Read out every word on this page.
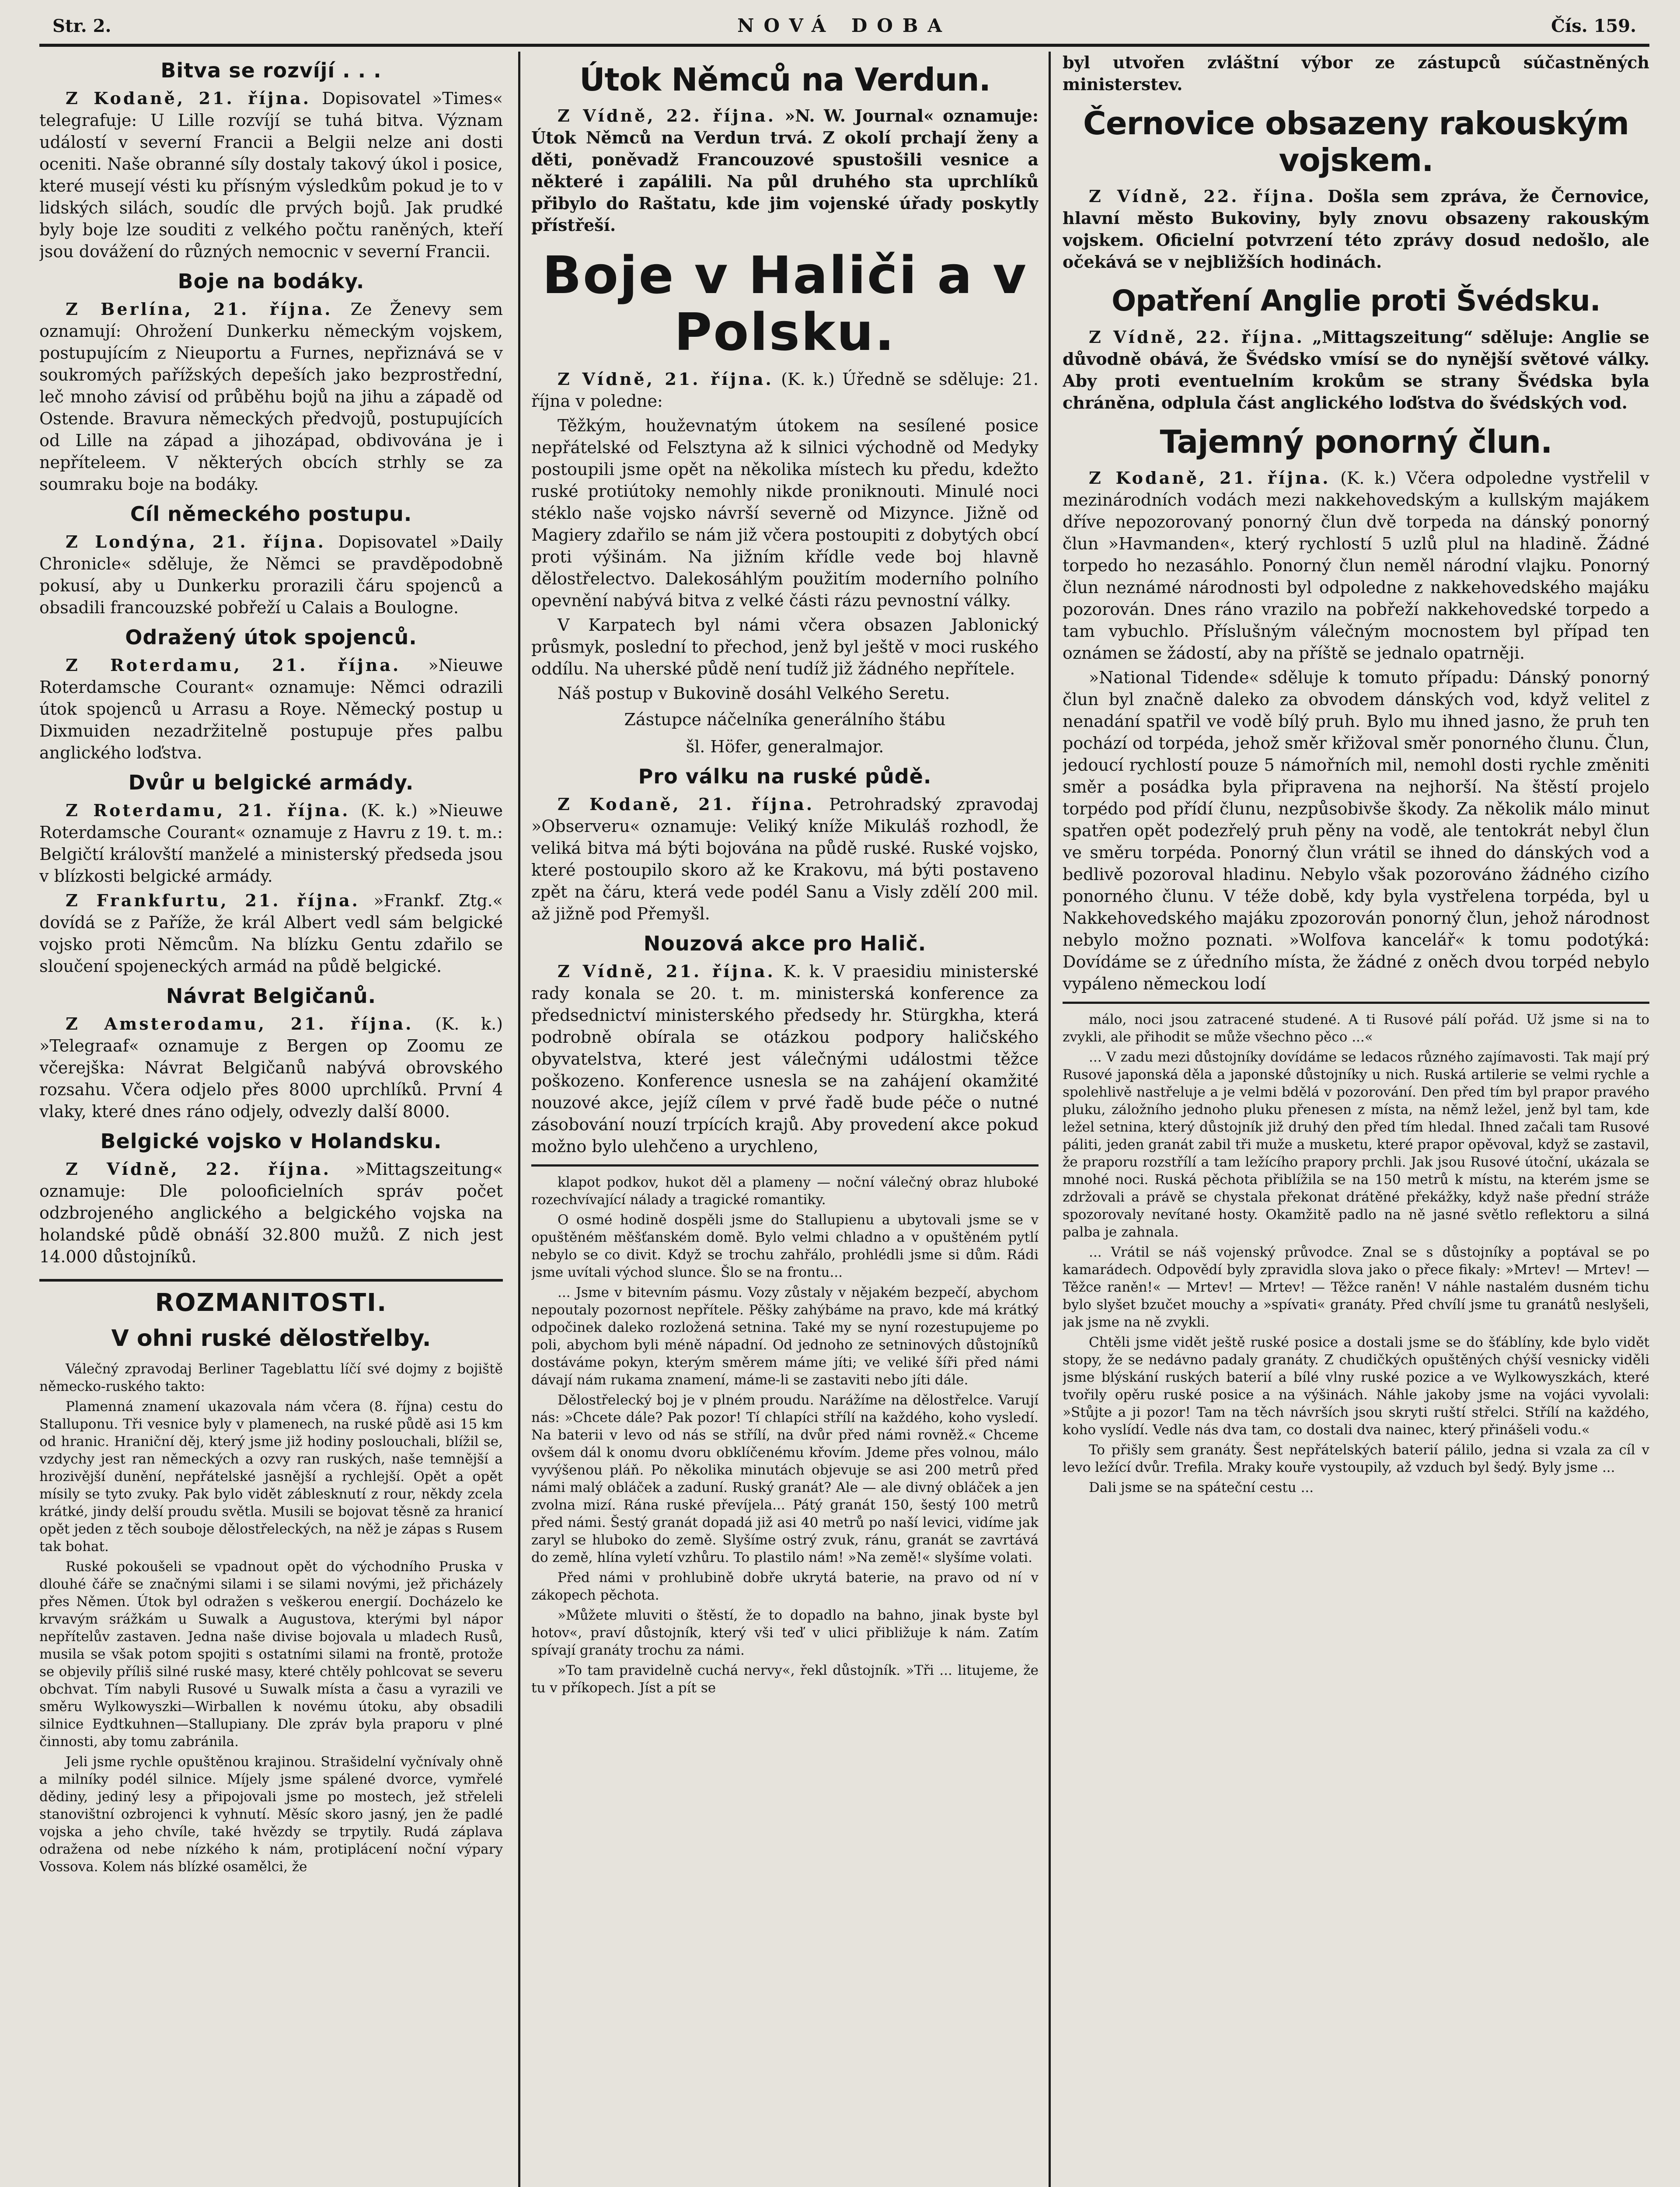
Str. 2.	NOVÁ DOBA	Čís. 159.
Bitva se rozvíjí . . .

Z Kodaně, 21. října. Dopisovatel »Times« telegrafuje: U Lille rozvíjí se tuhá bitva. Význam událostí v severní Francii a Belgii nelze ani dosti oceniti. Naše obranné síly dostaly takový úkol i posice, které musejí vésti ku přísným výsledkům pokud je to v lidských silách, soudíc dle prvých bojů. Jak prudké byly boje lze souditi z velkého počtu raněných, kteří jsou dovážení do různých nemocnic v severní Francii.

Boje na bodáky.

Z Berlína, 21. října. Ze Ženevy sem oznamují: Ohrožení Dunkerku německým vojskem, postupujícím z Nieuportu a Furnes, nepřiznává se v soukromých pařížských depeších jako bezprostřední, leč mnoho závisí od průběhu bojů na jihu a západě od Ostende. Bravura německých předvojů, postupujících od Lille na západ a jihozápad, obdivována je i nepříteleem. V některých obcích strhly se za soumraku boje na bodáky.

Cíl německého postupu.

Z Londýna, 21. října. Dopisovatel »Daily Chronicle« sděluje, že Němci se pravděpodobně pokusí, aby u Dunkerku prorazili čáru spojenců a obsadili francouzské pobřeží u Calais a Boulogne.

Odražený útok spojenců.

Z Roterdamu, 21. října. »Nieuwe Roterdamsche Courant« oznamuje: Němci odrazili útok spojenců u Arrasu a Roye. Německý postup u Dixmuiden nezadržitelně postupuje přes palbu anglického loďstva.

Dvůr u belgické armády.

Z Roterdamu, 21. října. (K. k.) »Nieuwe Roterdamsche Courant« oznamuje z Havru z 19. t. m.: Belgičtí královští manželé a ministerský předseda jsou v blízkosti belgické armády.

Z Frankfurtu, 21. října. »Frankf. Ztg.« dovídá se z Paříže, že král Albert vedl sám belgické vojsko proti Němcům. Na blízku Gentu zdařilo se sloučení spojeneckých armád na půdě belgické.

Návrat Belgičanů.

Z Amsterodamu, 21. října. (K. k.) »Telegraaf« oznamuje z Bergen op Zoomu ze včerejška: Návrat Belgičanů nabývá obrovského rozsahu. Včera odjelo přes 8000 uprchlíků. První 4 vlaky, které dnes ráno odjely, odvezly další 8000.

Belgické vojsko v Holandsku.

Z Vídně, 22. října. »Mittagszeitung« oznamuje: Dle polooficielních správ počet odzbrojeného anglického a belgického vojska na holandské půdě obnáší 32.800 mužů. Z nich jest 14.000 důstojníků.

ROZMANITOSTI.
V ohni ruské dělostřelby.

Válečný zpravodaj Berliner Tageblattu líčí své dojmy z bojiště německo-ruského takto:

Plamenná znamení ukazovala nám včera (8. října) cestu do Stalluponu. Tři vesnice byly v plamenech, na ruské půdě asi 15 km od hranic. Hraniční děj, který jsme již hodiny poslouchali, blížil se, vzdychy jest ran německých a ozvy ran ruských, naše temnější a hrozivější dunění, nepřátelské jasnější a rychlejší. Opět a opět mísily se tyto zvuky. Pak bylo vidět záblesknutí z rour, někdy zcela krátké, jindy delší proudu světla. Musili se bojovat těsně za hranicí opět jeden z těch souboje dělostřeleckých, na něž je zápas s Rusem tak bohat.

Ruské pokoušeli se vpadnout opět do východního Pruska v dlouhé čáře se značnými silami i se silami novými, jež přicházely přes Němen. Útok byl odražen s veškerou energií. Docházelo ke krvavým srážkám u Suwalk a Augustova, kterými byl nápor nepřítelův zastaven. Jedna naše divise bojovala u mladech Rusů, musila se však potom spojiti s ostatními silami na frontě, protože se objevily příliš silné ruské masy, které chtěly pohlcovat se severu obchvat. Tím nabyli Rusové u Suwalk místa a času a vyrazili ve směru Wylkowyszki—Wirballen k novému útoku, aby obsadili silnice Eydtkuhnen—Stallupiany. Dle zpráv byla praporu v plné činnosti, aby tomu zabránila.

Jeli jsme rychle opuštěnou krajinou. Strašidelní vyčnívaly ohně a milníky podél silnice. Míjely jsme spálené dvorce, vymřelé dědiny, jediný lesy a připojovali jsme po mostech, jež střeleli stanovištní ozbrojenci k vyhnutí. Měsíc skoro jasný, jen že padlé vojska a jeho chvíle, také hvězdy se trpytily. Rudá záplava odražena od nebe nízkého k nám, protiplácení noční výpary Vossova. Kolem nás blízké osamělci, že

Útok Němců na Verdun.

Z Vídně, 22. října. »N. W. Journal« oznamuje: Útok Němců na Verdun trvá. Z okolí prchají ženy a děti, poněvadž Francouzové spustošili vesnice a některé i zapálili. Na půl druhého sta uprchlíků přibylo do Raštatu, kde jim vojenské úřady poskytly přístřeší.

Boje v Haliči a v Polsku.

Z Vídně, 21. října. (K. k.) Úředně se sděluje: 21. října v poledne:

Těžkým, houževnatým útokem na sesílené posice nepřátelské od Felsztyna až k silnici východně od Medyky postoupili jsme opět na několika místech ku předu, kdežto ruské protiútoky nemohly nikde proniknouti. Minulé noci stéklo naše vojsko návrší severně od Mizynce. Jižně od Magiery zdařilo se nám již včera postoupiti z dobytých obcí proti výšinám. Na jižním křídle vede boj hlavně dělostřelectvo. Dalekosáhlým použitím moderního polního opevnění nabývá bitva z velké části rázu pevnostní války.

V Karpatech byl námi včera obsazen Jablonický průsmyk, poslední to přechod, jenž byl ještě v moci ruského oddílu. Na uherské půdě není tudíž již žádného nepřítele.

Náš postup v Bukovině dosáhl Velkého Seretu.

Zástupce náčelníka generálního štábu

šl. Höfer, generalmajor.

Pro válku na ruské půdě.

Z Kodaně, 21. října. Petrohradský zpravodaj »Observeru« oznamuje: Veliký kníže Mikuláš rozhodl, že veliká bitva má býti bojována na půdě ruské. Ruské vojsko, které postoupilo skoro až ke Krakovu, má býti postaveno zpět na čáru, která vede podél Sanu a Visly zdělí 200 mil. až jižně pod Přemyšl.

Nouzová akce pro Halič.

Z Vídně, 21. října. K. k. V praesidiu ministerské rady konala se 20. t. m. ministerská konference za předsednictví ministerského předsedy hr. Stürgkha, která podrobně obírala se otázkou podpory haličského obyvatelstva, které jest válečnými událostmi těžce poškozeno. Konference usnesla se na zahájení okamžité nouzové akce, jejíž cílem v prvé řadě bude péče o nutné zásobování nouzí trpících krajů. Aby provedení akce pokud možno bylo ulehčeno a urychleno,

klapot podkov, hukot děl a plameny — noční válečný obraz hluboké rozechvívající nálady a tragické romantiky.

O osmé hodině dospěli jsme do Stallupienu a ubytovali jsme se v opuštěném měšťanském domě. Bylo velmi chladno a v opuštěném pytlí nebylo se co divit. Když se trochu zahřálo, prohlédli jsme si dům. Rádi jsme uvítali východ slunce. Šlo se na frontu...

... Jsme v bitevním pásmu. Vozy zůstaly v nějakém bezpečí, abychom nepoutaly pozornost nepřítele. Pěšky zahýbáme na pravo, kde má krátký odpočinek daleko rozložená setnina. Také my se nyní rozestupujeme po poli, abychom byli méně nápadní. Od jednoho ze setninových důstojníků dostáváme pokyn, kterým směrem máme jíti; ve veliké šíři před námi dávají nám rukama znamení, máme-li se zastaviti nebo jíti dále.

Dělostřelecký boj je v plném proudu. Narážíme na dělostřelce. Varují nás: »Chcete dále? Pak pozor! Tí chlapíci střílí na každého, koho vysledí. Na baterii v levo od nás se střílí, na dvůr před námi rovněž.« Chceme ovšem dál k onomu dvoru obklíčenému křovím. Jdeme přes volnou, málo vyvýšenou pláň. Po několika minutách objevuje se asi 200 metrů před námi malý obláček a zaduní. Ruský granát? Ale — ale divný obláček a jen zvolna mizí. Rána ruské převíjela... Pátý granát 150, šestý 100 metrů před námi. Šestý granát dopadá již asi 40 metrů po naší levici, vidíme jak zaryl se hluboko do země. Slyšíme ostrý zvuk, ránu, granát se zavrtává do země, hlína vyletí vzhůru. To plastilo nám! »Na země!« slyšíme volati.

Před námi v prohlubině dobře ukrytá baterie, na pravo od ní v zákopech pěchota.

»Můžete mluviti o štěstí, že to dopadlo na bahno, jinak byste byl hotov«, praví důstojník, který vši teď v ulici přibližuje k nám. Zatím spívají granáty trochu za námi.

»To tam pravidelně cuchá nervy«, řekl důstojník. »Tři ... litujeme, že tu v příkopech. Jíst a pít se

byl utvořen zvláštní výbor ze zástupců súčastněných ministerstev.

Černovice obsazeny rakouským vojskem.

Z Vídně, 22. října. Došla sem zpráva, že Černovice, hlavní město Bukoviny, byly znovu obsazeny rakouským vojskem. Oficielní potvrzení této zprávy dosud nedošlo, ale očekává se v nejbližších hodinách.

Opatření Anglie proti Švédsku.

Z Vídně, 22. října. „Mittagszeitung“ sděluje: Anglie se důvodně obává, že Švédsko vmísí se do nynější světové války. Aby proti eventuelním krokům se strany Švédska byla chráněna, odplula část anglického loďstva do švédských vod.

Tajemný ponorný člun.

Z Kodaně, 21. října. (K. k.) Včera odpoledne vystřelil v mezinárodních vodách mezi nakkehovedským a kullským majákem dříve nepozorovaný ponorný člun dvě torpeda na dánský ponorný člun »Havmanden«, který rychlostí 5 uzlů plul na hladině. Žádné torpedo ho nezasáhlo. Ponorný člun neměl národní vlajku. Ponorný člun neznámé národnosti byl odpoledne z nakkehovedského majáku pozorován. Dnes ráno vrazilo na pobřeží nakkehovedské torpedo a tam vybuchlo. Příslušným válečným mocnostem byl případ ten oznámen se žádostí, aby na příště se jednalo opatrněji.

»National Tidende« sděluje k tomuto případu: Dánský ponorný člun byl značně daleko za obvodem dánských vod, když velitel z nenadání spatřil ve vodě bílý pruh. Bylo mu ihned jasno, že pruh ten pochází od torpéda, jehož směr křižoval směr ponorného člunu. Člun, jedoucí rychlostí pouze 5 námořních mil, nemohl dosti rychle změniti směr a posádka byla připravena na nejhorší. Na štěstí projelo torpédo pod přídí člunu, nezpůsobivše škody. Za několik málo minut spatřen opět podezřelý pruh pěny na vodě, ale tentokrát nebyl člun ve směru torpéda. Ponorný člun vrátil se ihned do dánských vod a bedlivě pozoroval hladinu. Nebylo však pozorováno žádného cizího ponorného člunu. V téže době, kdy byla vystřelena torpéda, byl u Nakkehovedského majáku zpozorován ponorný člun, jehož národnost nebylo možno poznati. »Wolfova kancelář« k tomu podotýká: Dovídáme se z úředního místa, že žádné z oněch dvou torpéd nebylo vypáleno německou lodí

málo, noci jsou zatracené studené. A ti Rusové pálí pořád. Už jsme si na to zvykli, ale přihodit se může všechno pěco ...«

... V zadu mezi důstojníky dovídáme se ledacos různého zajímavosti. Tak mají prý Rusové japonská děla a japonské důstojníky u nich. Ruská artilerie se velmi rychle a spolehlivě nastřeluje a je velmi bdělá v pozorování. Den před tím byl prapor pravého pluku, záložního jednoho pluku přenesen z místa, na němž ležel, jenž byl tam, kde ležel setnina, který důstojník již druhý den před tím hledal. Ihned začali tam Rusové páliti, jeden granát zabil tři muže a musketu, které prapor opěvoval, když se zastavil, že praporu rozstřílí a tam ležícího prapory prchli. Jak jsou Rusové útoční, ukázala se mnohé noci. Ruská pěchota přiblížila se na 150 metrů k místu, na kterém jsme se zdržovali a právě se chystala překonat drátěné překážky, když naše přední stráže spozorovaly nevítané hosty. Okamžitě padlo na ně jasné světlo reflektoru a silná palba je zahnala.

... Vrátil se náš vojenský průvodce. Znal se s důstojníky a poptával se po kamarádech. Odpovědí byly zpravidla slova jako o přece fikaly: »Mrtev! — Mrtev! — Těžce raněn!« — Mrtev! — Mrtev! — Těžce raněn! V náhle nastalém dusném tichu bylo slyšet bzučet mouchy a »spívati« granáty. Před chvílí jsme tu granátů neslyšeli, jak jsme na ně zvykli.

Chtěli jsme vidět ještě ruské posice a dostali jsme se do šťáblíny, kde bylo vidět stopy, že se nedávno padaly granáty. Z chudičkých opuštěných chýší vesnicky viděli jsme blýskání ruských baterií a bílé vlny ruské pozice a ve Wylkowyszkách, které tvořily opěru ruské posice a na výšinách. Náhle jakoby jsme na vojáci vyvolali: »Stůjte a ji pozor! Tam na těch návrších jsou skryti ruští střelci. Střílí na každého, koho vyslídí. Vedle nás dva tam, co dostali dva nainec, který přinášeli vodu.«

To přišly sem granáty. Šest nepřátelských baterií pálilo, jedna si vzala za cíl v levo ležící dvůr. Trefila. Mraky kouře vystoupily, až vzduch byl šedý. Byly jsme ...

Dali jsme se na spáteční cestu ...
